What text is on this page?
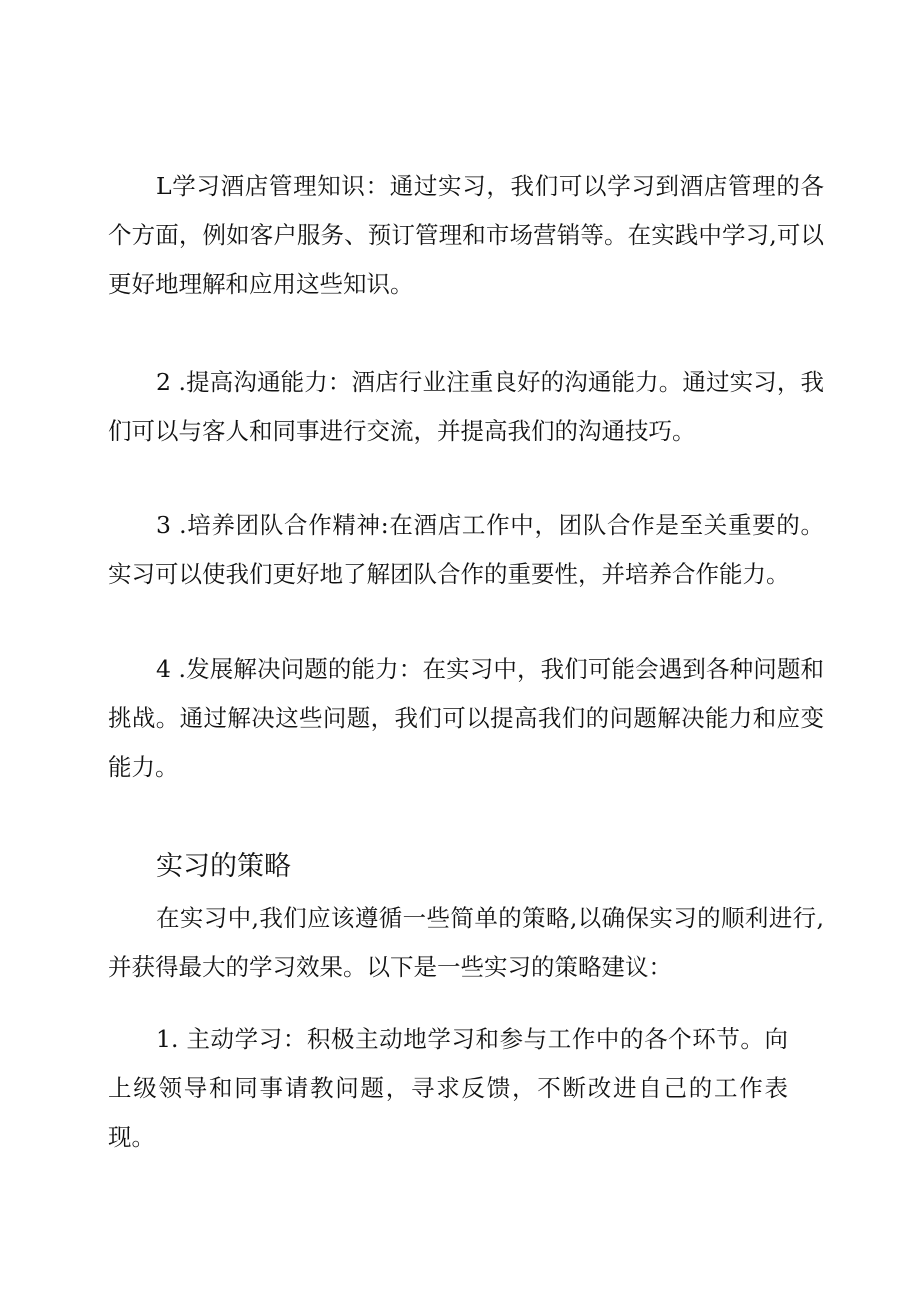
L学习酒店管理知识：通过实习，我们可以学习到酒店管理的各个方面，例如客户服务、预订管理和市场营销等。在实践中学习,可以更好地理解和应用这些知识。

2 .提高沟通能力：酒店行业注重良好的沟通能力。通过实习，我们可以与客人和同事进行交流，并提高我们的沟通技巧。

3 .培养团队合作精神:在酒店工作中，团队合作是至关重要的。实习可以使我们更好地了解团队合作的重要性，并培养合作能力。

4 .发展解决问题的能力：在实习中，我们可能会遇到各种问题和挑战。通过解决这些问题，我们可以提高我们的问题解决能力和应变能力。

实习的策略

在实习中,我们应该遵循一些简单的策略,以确保实习的顺利进行,并获得最大的学习效果。以下是一些实习的策略建议：

1. 主动学习：积极主动地学习和参与工作中的各个环节。向上级领导和同事请教问题，寻求反馈，不断改进自己的工作表现。
